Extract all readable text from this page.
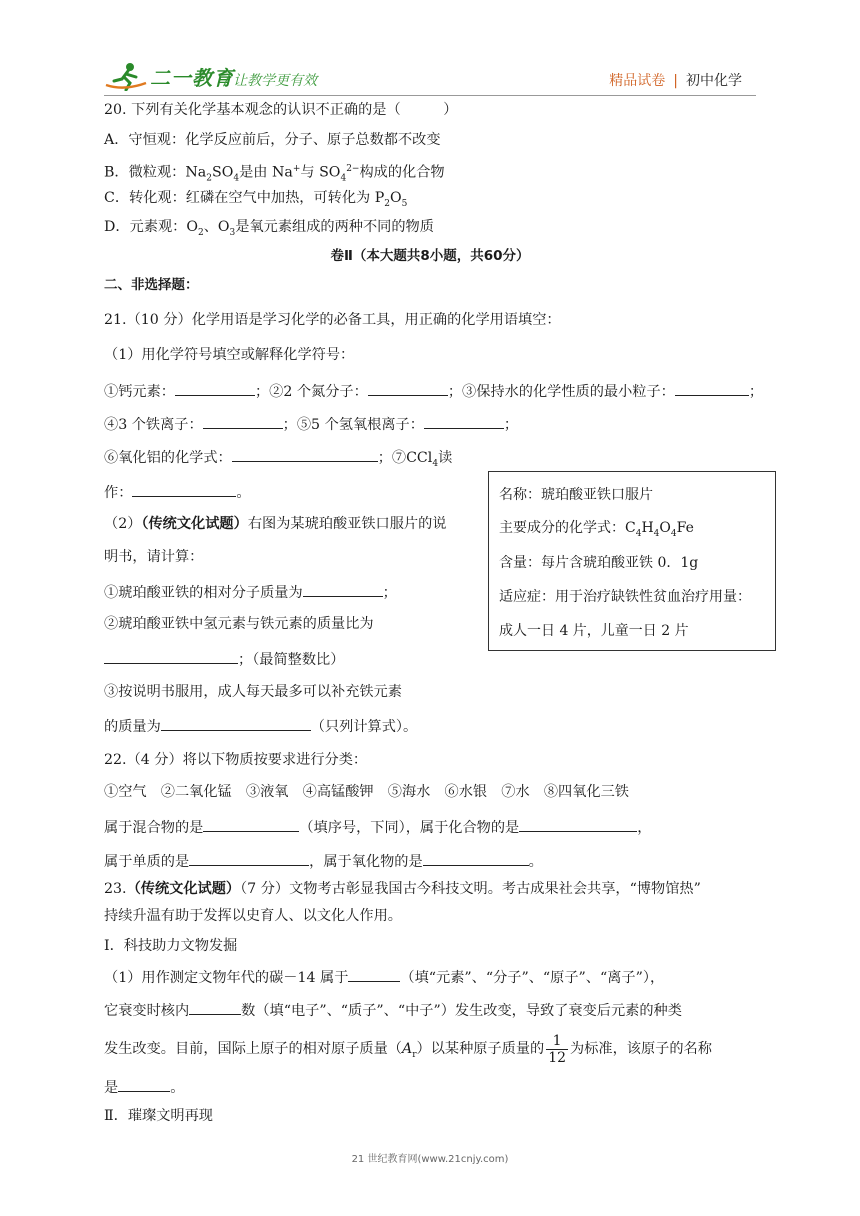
二一教育
/ 让教学更有效	精品试卷 | 初中化学
20. 下列有关化学基本观念的认识不正确的是（　　　）
A．守恒观：化学反应前后，分子、原子总数都不改变
B．微粒观：$Na_2SO_4$是由 Na+与 $SO_4^{2-}$构成的化合物
C．转化观：红磷在空气中加热，可转化为 $P_2O_5$
D．元素观：$O_2$、$O_3$是氧元素组成的两种不同的物质
卷Ⅱ（本大题共8小题，共60分）
二、非选择题：
21.（10 分）化学用语是学习化学的必备工具，用正确的化学用语填空：
（1）用化学符号填空或解释化学符号：
①钙元素：	；②2 个氮分子：	；③保持水的化学性质的最小粒子：	；
④3 个铁离子：	；⑤5 个氢氧根离子：	；
⑥氧化铝的化学式：	；⑦CCl$_4$读
作：	。
（2）（传统文化试题）右图为某琥珀酸亚铁口服片的说
明书，请计算：
①琥珀酸亚铁的相对分子质量为	；
②琥珀酸亚铁中氢元素与铁元素的质量比为
；（最简整数比）
③按说明书服用，成人每天最多可以补充铁元素
的质量为	（只列计算式）。
名称：琥珀酸亚铁口服片
主要成分的化学式：$C_4H_4O_4Fe$
含量：每片含琥珀酸亚铁 0．1g
适应症：用于治疗缺铁性贫血治疗用量：
成人一日 4 片，儿童一日 2 片
22.（4 分）将以下物质按要求进行分类：
①空气　②二氧化锰　③液氧　④高锰酸钾　⑤海水　⑥水银　⑦水　⑧四氧化三铁
属于混合物的是	（填序号，下同），属于化合物的是	，
属于单质的是	，属于氧化物的是	。
23.（传统文化试题）（7 分）文物考古彰显我国古今科技文明。考古成果社会共享，“博物馆热”
持续升温有助于发挥以史育人、以文化人作用。
Ⅰ．科技助力文物发掘
（1）用作测定文物年代的碳－14 属于	（填“元素”、“分子”、“原子”、“离子”），
它衰变时核内	数（填“电子”、“质子”、“中子”）发生改变，导致了衰变后元素的种类
发生改变。目前，国际上原子的相对原子质量$(A_r)$以某种原子质量的 $\frac{1}{12}$ 为标准，该原子的名称
是	。
Ⅱ．璀璨文明再现
21 世纪教育网(www.21cnjy.com)
